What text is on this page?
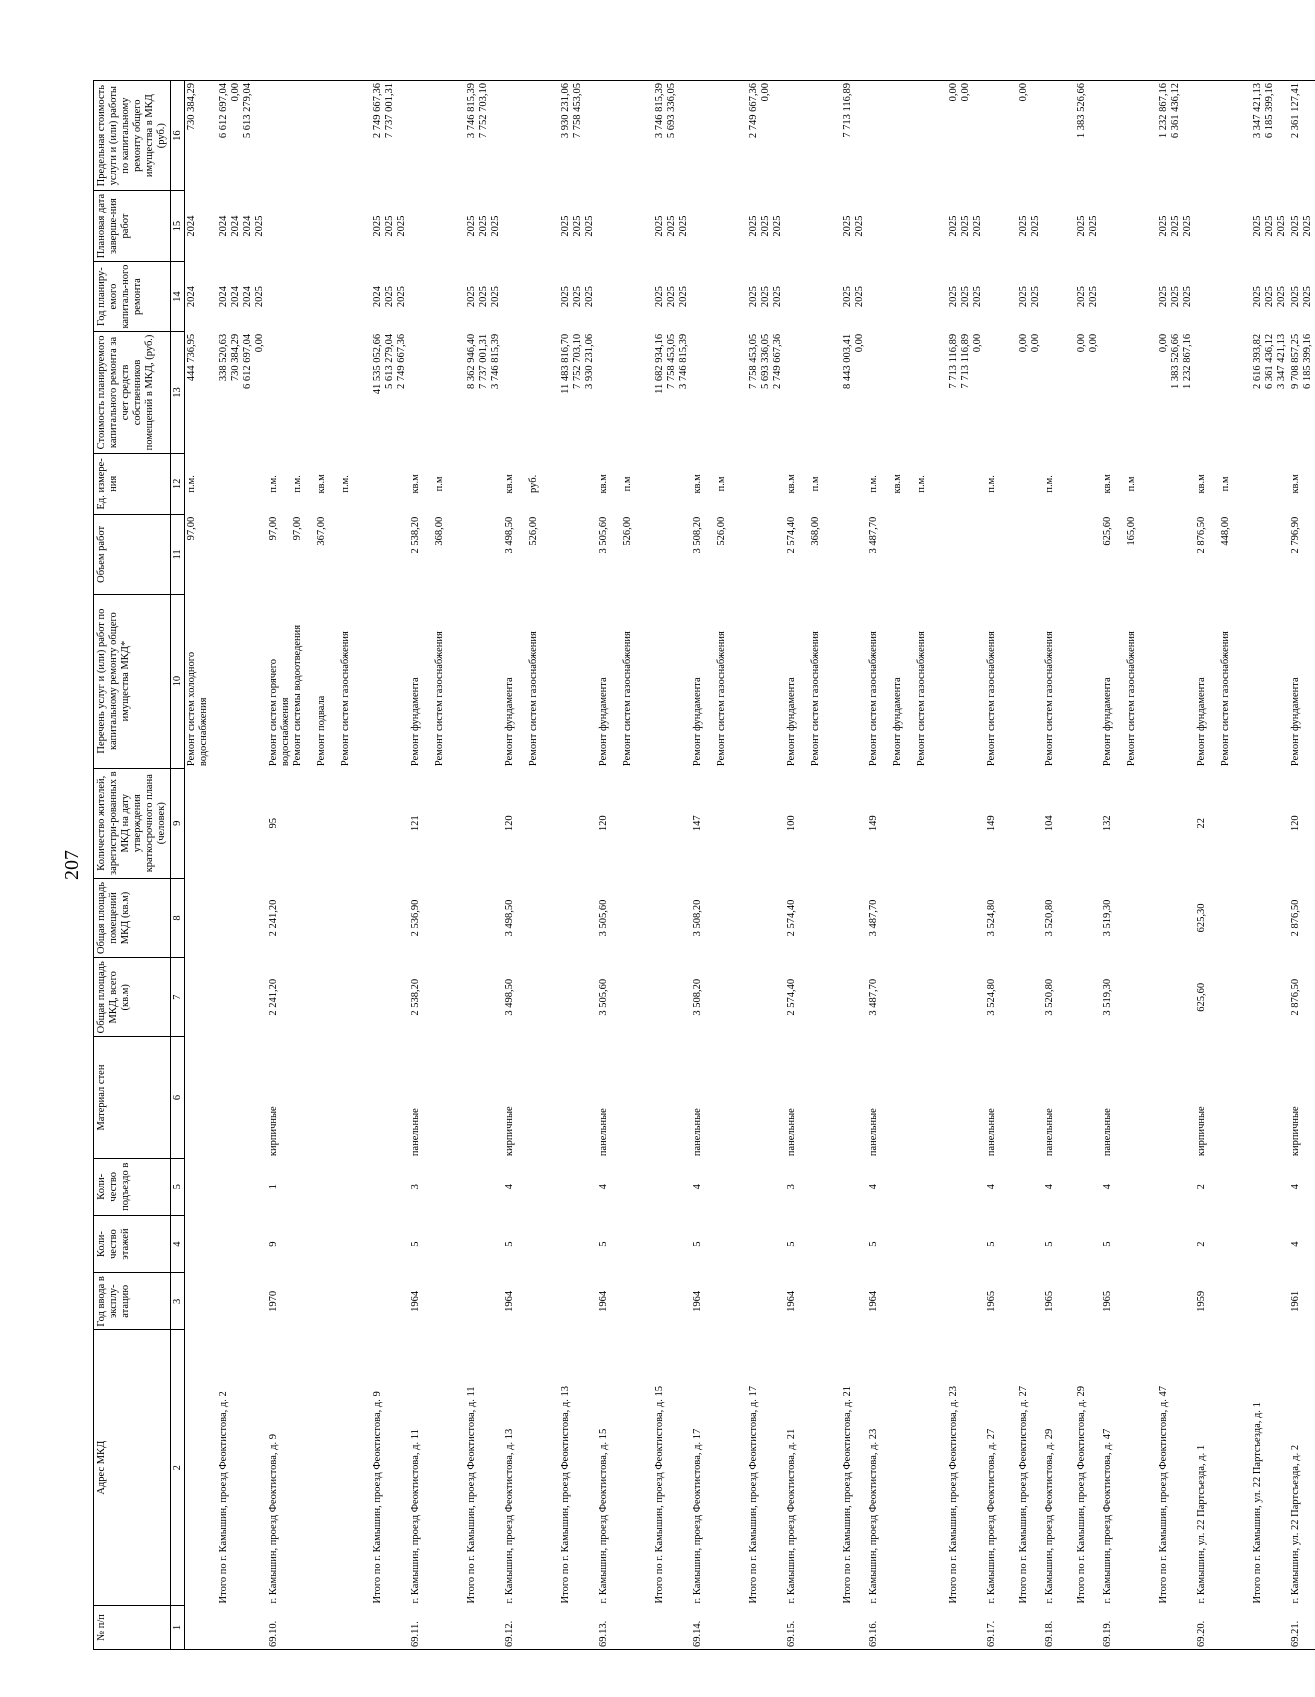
207
№ п/п	Адрес МКД	Год ввода в эксплу-атацию	Коли-чество этажей	Коли-чество подъездо в	Материал стен	Общая площадь МКД, всего (кв.м)	Общая площадь помещений МКД (кв.м)	Количество жителей, зарегистри-рованных в МКД на дату утверждения краткосрочного плана (человек)	Перечень услуг и (или) работ по капитальному ремонту общего имущества МКД*	Объем работ	Ед. измере-ния	Стоимость планируемого капитального ремонта за счет средств собственников помещений в МКД, (руб.)	Год планиру-емого капиталь-ного ремонта	Плановая дата заверше-ния работ	Предельная стоимость услуги и (или) работы по капитальному ремонту общего имущества в МКД (руб.)
1	2	3	4	5	6	7	8	9	10	11	12	13	14	15	16

									Ремонт систем холодного водоснабжения	97,00	п.м.	444 736,95	2024	2024	730 384,29

	Итого по г. Камышин, проезд Феоктистова, д. 2											338 520,63 730 384,29 6 612 697,04 0,00	2024 2024 2024 2025	2024 2024 2024 2025	6 612 697,04 0,00 5 613 279,04

69.10.	г. Камышин, проезд Феоктистова, д. 9	1970	9	1	кирпичные	2 241,20	2 241,20	95	Ремонт систем горячего водоснабжения Ремонт системы водоотведения Ремонт подвала Ремонт систем газоснабжения	97,00 97,00 367,00	п.м. п.м. кв.м п.м.				

	Итого по г. Камышин, проезд Феоктистова, д. 9											41 535 052,66 5 613 279,04 2 749 667,36	2024 2025 2025	2025 2025 2025	2 749 667,36 7 737 001,31

69.11.	г. Камышин, проезд Феоктистова, д. 11	1964	5	3	панельные	2 538,20	2 536,90	121	Ремонт фундамента Ремонт систем газоснабжения	2 538,20 368,00	кв.м п.м				

	Итого по г. Камышин, проезд Феоктистова, д. 11											8 362 946,40 7 737 001,31 3 746 815,39	2025 2025 2025	2025 2025 2025	3 746 815,39 7 752 703,10

69.12.	г. Камышин, проезд Феоктистова, д. 13	1964	5	4	кирпичные	3 498,50	3 498,50	120	Ремонт фундамента Ремонт систем газоснабжения	3 498,50 526,00	кв.м руб.				

	Итого по г. Камышин, проезд Феоктистова, д. 13											11 483 816,70 7 752 703,10 3 930 231,06	2025 2025 2025	2025 2025 2025	3 930 231,06 7 758 453,05

69.13.	г. Камышин, проезд Феоктистова, д. 15	1964	5	4	панельные	3 505,60	3 505,60	120	Ремонт фундамента Ремонт систем газоснабжения	3 505,60 526,00	кв.м п.м				

	Итого по г. Камышин, проезд Феоктистова, д. 15											11 682 934,16 7 758 453,05 3 746 815,39	2025 2025 2025	2025 2025 2025	3 746 815,39 5 693 336,05

69.14.	г. Камышин, проезд Феоктистова, д. 17	1964	5	4	панельные	3 508,20	3 508,20	147	Ремонт фундамента Ремонт систем газоснабжения	3 508,20 526,00	кв.м п.м				

	Итого по г. Камышин, проезд Феоктистова, д. 17											7 758 453,05 5 693 336,05 2 749 667,36	2025 2025 2025	2025 2025 2025	2 749 667,36 0,00

69.15.	г. Камышин, проезд Феоктистова, д. 21	1964	5	3	панельные	2 574,40	2 574,40	100	Ремонт фундамента Ремонт систем газоснабжения	2 574,40 368,00	кв.м п.м				

	Итого по г. Камышин, проезд Феоктистова, д. 21											8 443 003,41 0,00	2025 2025	2025 2025	7 713 116,89

69.16.	г. Камышин, проезд Феоктистова, д. 23	1964	5	4	панельные	3 487,70	3 487,70	149	Ремонт систем газоснабжения Ремонт фундамента Ремонт систем газоснабжения	3 487,70	п.м. кв.м п.м.				

	Итого по г. Камышин, проезд Феоктистова, д. 23											7 713 116,89 7 713 116,89 0,00	2025 2025 2025	2025 2025 2025	0,00 0,00

69.17.	г. Камышин, проезд Феоктистова, д. 27	1965	5	4	панельные	3 524,80	3 524,80	149	Ремонт систем газоснабжения		п.м.				

	Итого по г. Камышин, проезд Феоктистова, д. 27											0,00 0,00	2025 2025	2025 2025	0,00

69.18.	г. Камышин, проезд Феоктистова, д. 29	1965	5	4	панельные	3 520,80	3 520,80	104	Ремонт систем газоснабжения		п.м.				

	Итого по г. Камышин, проезд Феоктистова, д. 29											0,00 0,00	2025 2025	2025 2025	1 383 526,66

69.19.	г. Камышин, проезд Феоктистова, д. 47	1965	5	4	панельные	3 519,30	3 519,30	132	Ремонт фундамента Ремонт систем газоснабжения	625,60 165,00	кв.м п.м				

	Итого по г. Камышин, проезд Феоктистова, д. 47											0,00 1 383 526,66 1 232 867,16	2025 2025 2025	2025 2025 2025	1 232 867,16 6 361 436,12

69.20.	г. Камышин, ул. 22 Партсъезда, д. 1	1959	2	2	кирпичные	625,60	625,30	22	Ремонт фундамента Ремонт систем газоснабжения	2 876,50 448,00	кв.м п.м				

	Итого по г. Камышин, ул. 22 Партсъезда, д. 1											2 616 393,82 6 361 436,12 3 347 421,13	2025 2025 2025	2025 2025 2025	3 347 421,13 6 185 399,16

69.21.	г. Камышин, ул. 22 Партсъезда, д. 2	1961	4	4	кирпичные	2 876,50	2 876,50	120	Ремонт фундамента	2 796,90	кв.м	9 708 857,25 6 185 399,16	2025 2025	2025 2025	2 361 127,41
